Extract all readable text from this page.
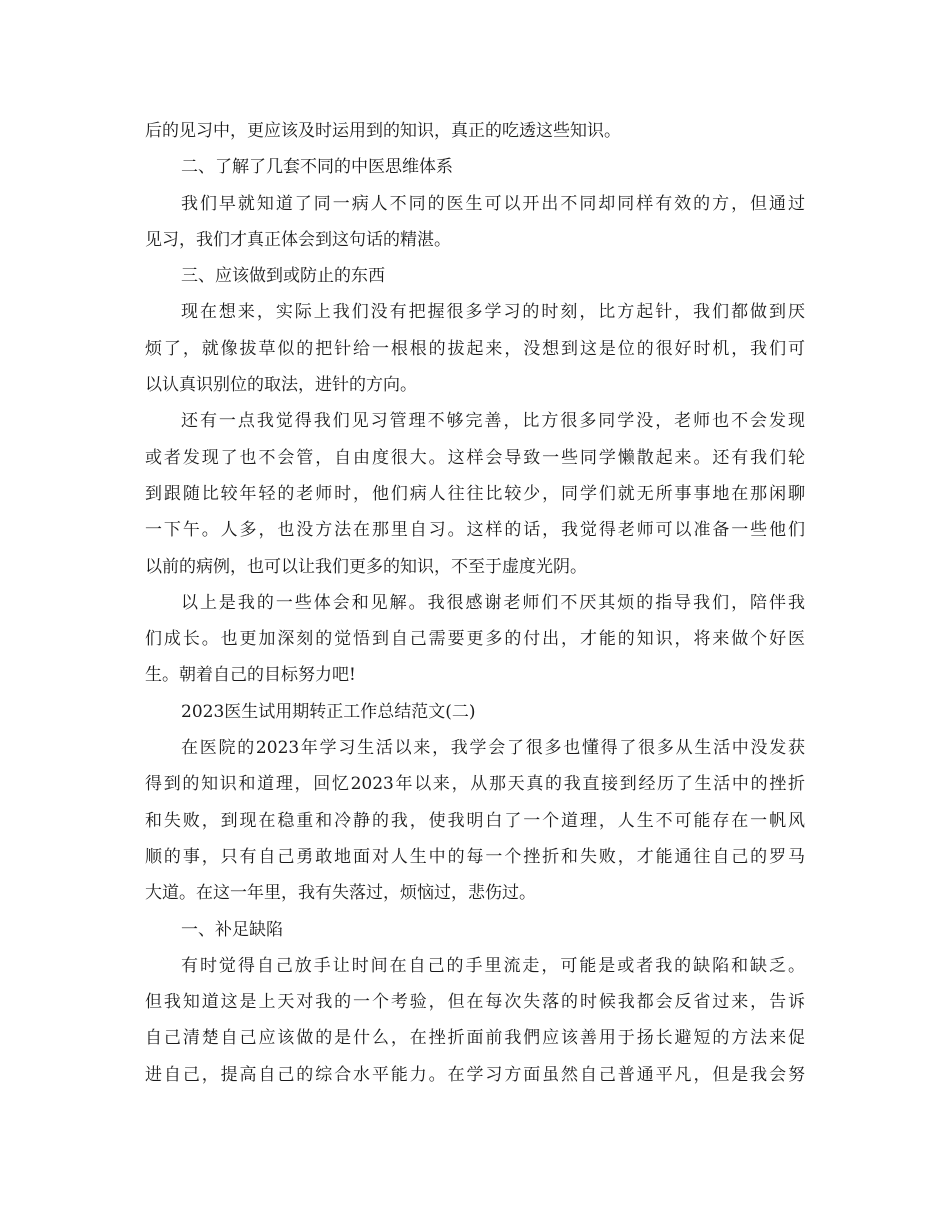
后的见习中，更应该及时运用到的知识，真正的吃透这些知识。
二、了解了几套不同的中医思维体系
我们早就知道了同一病人不同的医生可以开出不同却同样有效的方，但通过
见习，我们才真正体会到这句话的精湛。
三、应该做到或防止的东西
现在想来，实际上我们没有把握很多学习的时刻，比方起针，我们都做到厌
烦了，就像拔草似的把针给一根根的拔起来，没想到这是位的很好时机，我们可
以认真识别位的取法，进针的方向。
还有一点我觉得我们见习管理不够完善，比方很多同学没，老师也不会发现
或者发现了也不会管，自由度很大。这样会导致一些同学懒散起来。还有我们轮
到跟随比较年轻的老师时，他们病人往往比较少，同学们就无所事事地在那闲聊
一下午。人多，也没方法在那里自习。这样的话，我觉得老师可以准备一些他们
以前的病例，也可以让我们更多的知识，不至于虚度光阴。
以上是我的一些体会和见解。我很感谢老师们不厌其烦的指导我们，陪伴我
们成长。也更加深刻的觉悟到自己需要更多的付出，才能的知识，将来做个好医
生。朝着自己的目标努力吧!
2023医生试用期转正工作总结范文(二)
在医院的2023年学习生活以来，我学会了很多也懂得了很多从生活中没发获
得到的知识和道理，回忆2023年以来，从那天真的我直接到经历了生活中的挫折
和失败，到现在稳重和冷静的我，使我明白了一个道理，人生不可能存在一帆风
顺的事，只有自己勇敢地面对人生中的每一个挫折和失败，才能通往自己的罗马
大道。在这一年里，我有失落过，烦恼过，悲伤过。
一、补足缺陷
有时觉得自己放手让时间在自己的手里流走，可能是或者我的缺陷和缺乏。
但我知道这是上天对我的一个考验，但在每次失落的时候我都会反省过来，告诉
自己清楚自己应该做的是什么，在挫折面前我們应该善用于扬长避短的方法来促
进自己，提高自己的综合水平能力。在学习方面虽然自己普通平凡，但是我会努
